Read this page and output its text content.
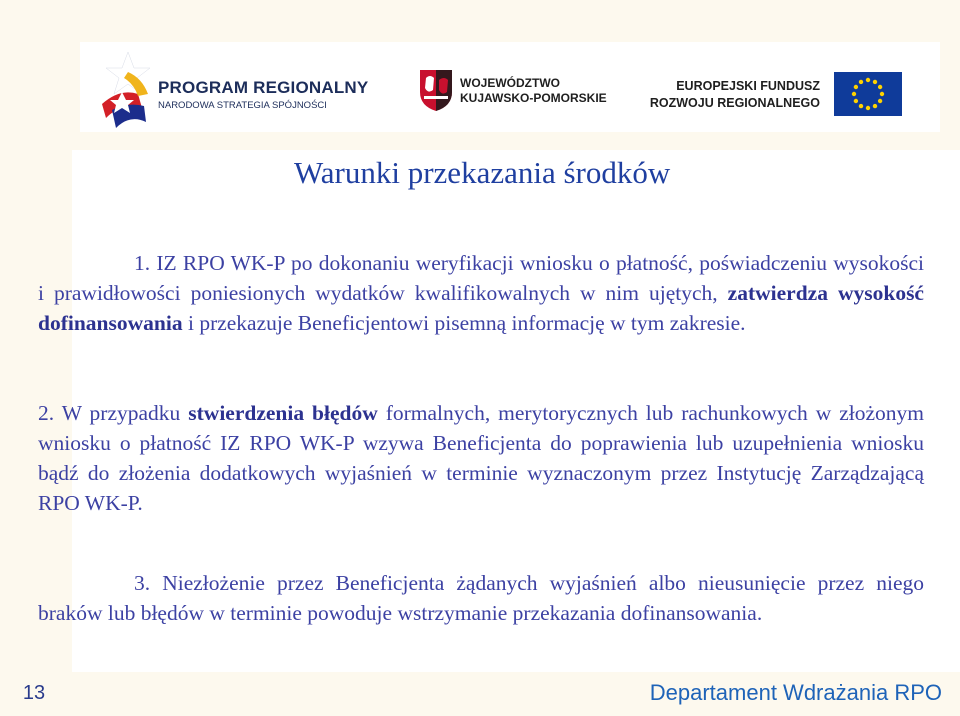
PROGRAM REGIONALNY
NARODOWA STRATEGIA SPÓJNOŚCI
WOJEWÓDZTWO
KUJAWSKO-POMORSKIE
EUROPEJSKI FUNDUSZ
ROZWOJU REGIONALNEGO
Warunki przekazania środków

1. IZ RPO WK-P po dokonaniu weryfikacji wniosku o płatność, poświadczeniu wysokości i prawidłowości poniesionych wydatków kwalifikowalnych w nim ujętych, zatwierdza wysokość dofinansowania i przekazuje Beneficjentowi pisemną informację w tym zakresie.

2. W przypadku stwierdzenia błędów formalnych, merytorycznych lub rachunkowych w złożonym wniosku o płatność IZ RPO WK-P wzywa Beneficjenta do poprawienia lub uzupełnienia wniosku bądź do złożenia dodatkowych wyjaśnień w terminie wyznaczonym przez Instytucję Zarządzającą RPO WK-P.

3. Niezłożenie przez Beneficjenta żądanych wyjaśnień albo nieusunięcie przez niego braków lub błędów w terminie powoduje wstrzymanie przekazania dofinansowania.

13	Departament Wdrażania RPO
